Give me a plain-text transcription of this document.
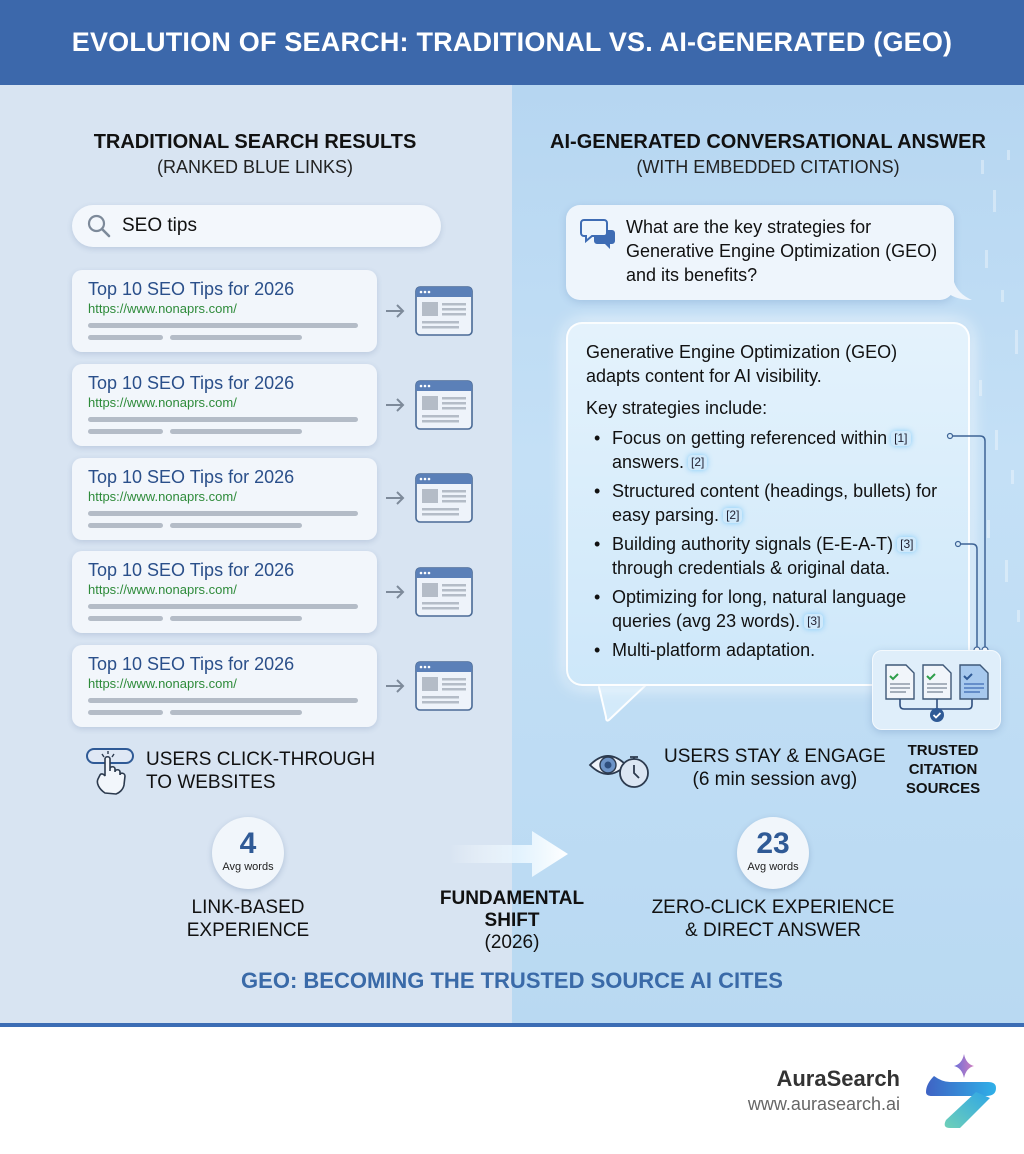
EVOLUTION OF SEARCH: TRADITIONAL VS. AI-GENERATED (GEO)
TRADITIONAL SEARCH RESULTS
(RANKED BLUE LINKS)
SEO tips
Top 10 SEO Tips for 2026
https://www.nonaprs.com/
Top 10 SEO Tips for 2026
https://www.nonaprs.com/
Top 10 SEO Tips for 2026
https://www.nonaprs.com/
Top 10 SEO Tips for 2026
https://www.nonaprs.com/
Top 10 SEO Tips for 2026
https://www.nonaprs.com/
USERS CLICK-THROUGH
TO WEBSITES
4
Avg words
LINK-BASED
EXPERIENCE
AI-GENERATED CONVERSATIONAL ANSWER
(WITH EMBEDDED CITATIONS)
What are the key strategies for Generative Engine Optimization (GEO) and its benefits?

Generative Engine Optimization (GEO) adapts content for AI visibility.

Key strategies include:

• Focus on getting referenced within [1]
answers. [2]
• Structured content (headings, bullets) for easy parsing. [2]
• Building authority signals (E-E-A-T) [3]
through credentials & original data.
• Optimizing for long, natural language queries (avg 23 words). [3]
• Multi-platform adaptation.
TRUSTED
CITATION
SOURCES
USERS STAY & ENGAGE
(6 min session avg)
23
Avg words
ZERO-CLICK EXPERIENCE
& DIRECT ANSWER
FUNDAMENTAL
SHIFT
(2026)
GEO: BECOMING THE TRUSTED SOURCE AI CITES
AuraSearch
www.aurasearch.ai
